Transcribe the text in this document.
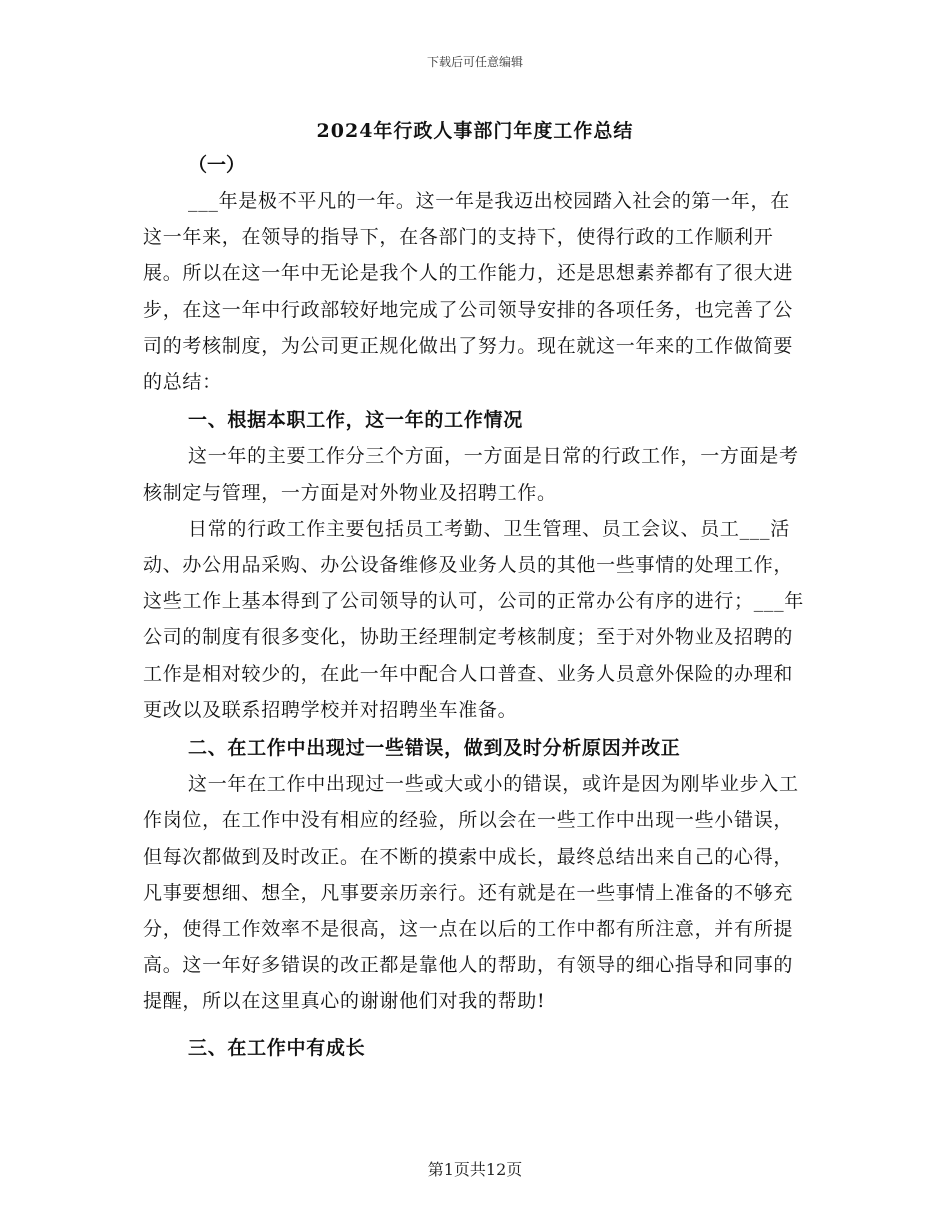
下载后可任意编辑
2024年行政人事部门年度工作总结
（一）

___年是极不平凡的一年。这一年是我迈出校园踏入社会的第一年，在这一年来，在领导的指导下，在各部门的支持下，使得行政的工作顺利开展。所以在这一年中无论是我个人的工作能力，还是思想素养都有了很大进步，在这一年中行政部较好地完成了公司领导安排的各项任务，也完善了公司的考核制度，为公司更正规化做出了努力。现在就这一年来的工作做简要的总结：

一、根据本职工作，这一年的工作情况

这一年的主要工作分三个方面，一方面是日常的行政工作，一方面是考核制定与管理，一方面是对外物业及招聘工作。

日常的行政工作主要包括员工考勤、卫生管理、员工会议、员工___活动、办公用品采购、办公设备维修及业务人员的其他一些事情的处理工作，这些工作上基本得到了公司领导的认可，公司的正常办公有序的进行；___年公司的制度有很多变化，协助王经理制定考核制度；至于对外物业及招聘的工作是相对较少的，在此一年中配合人口普查、业务人员意外保险的办理和更改以及联系招聘学校并对招聘坐车准备。

二、在工作中出现过一些错误，做到及时分析原因并改正

这一年在工作中出现过一些或大或小的错误，或许是因为刚毕业步入工作岗位，在工作中没有相应的经验，所以会在一些工作中出现一些小错误，但每次都做到及时改正。在不断的摸索中成长，最终总结出来自己的心得，凡事要想细、想全，凡事要亲历亲行。还有就是在一些事情上准备的不够充分，使得工作效率不是很高，这一点在以后的工作中都有所注意，并有所提高。这一年好多错误的改正都是靠他人的帮助，有领导的细心指导和同事的提醒，所以在这里真心的谢谢他们对我的帮助!

三、在工作中有成长

第1页共12页
